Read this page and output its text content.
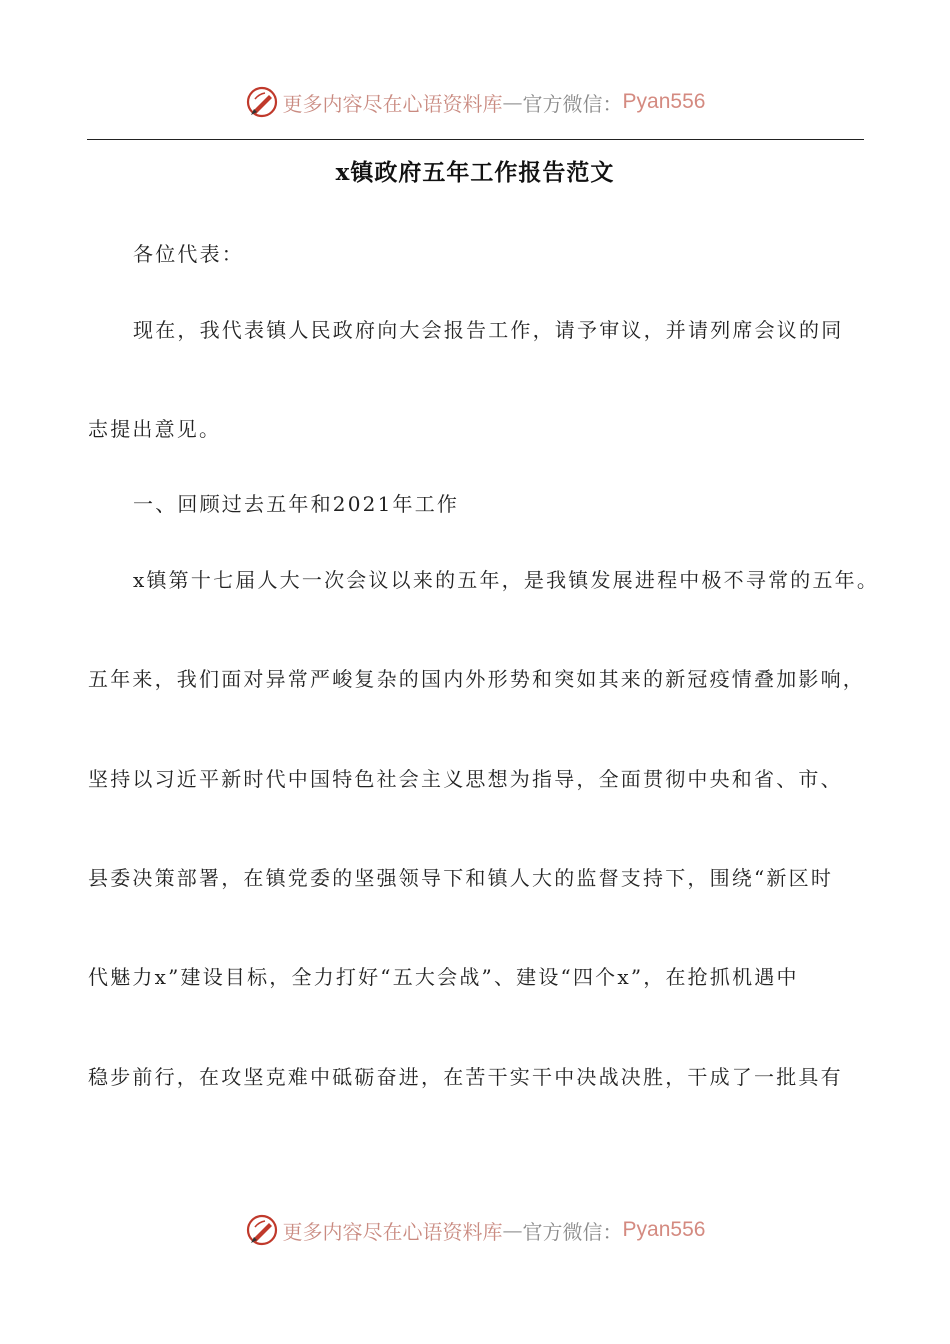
更多内容尽在心语资料库 — 官方微信： Pyan556
x镇政府五年工作报告范文
各位代表：
现在，我代表镇人民政府向大会报告工作，请予审议，并请列席会议的同
志提出意见。
一、回顾过去五年和2021年工作
x镇第十七届人大一次会议以来的五年，是我镇发展进程中极不寻常的五年。
五年来，我们面对异常严峻复杂的国内外形势和突如其来的新冠疫情叠加影响，
坚持以习近平新时代中国特色社会主义思想为指导，全面贯彻中央和省、市、
县委决策部署，在镇党委的坚强领导下和镇人大的监督支持下，围绕“新区时
代魅力x”建设目标，全力打好“五大会战”、建设“四个x”，在抢抓机遇中
稳步前行，在攻坚克难中砥砺奋进，在苦干实干中决战决胜，干成了一批具有
更多内容尽在心语资料库 — 官方微信： Pyan556
